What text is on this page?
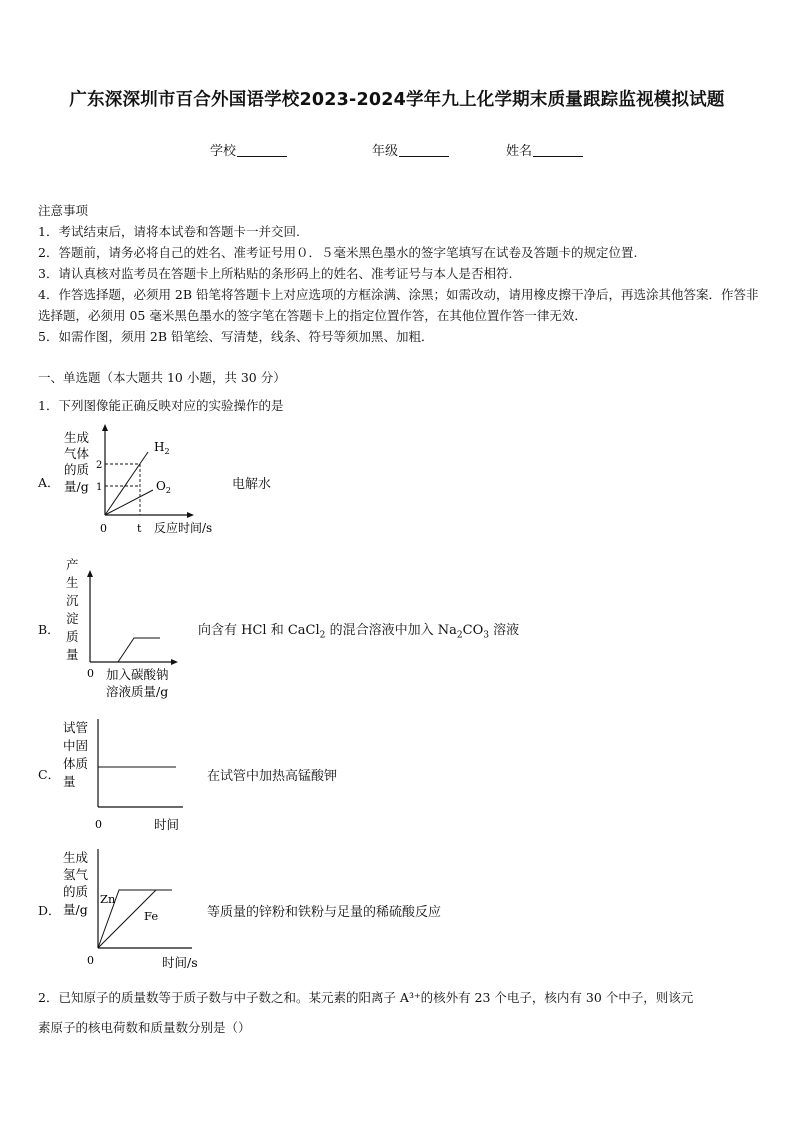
广东深深圳市百合外国语学校2023-2024学年九上化学期末质量跟踪监视模拟试题
学校	年级	姓名
注意事项
1．考试结束后，请将本试卷和答题卡一并交回.
2．答题前，请务必将自己的姓名、准考证号用０．５毫米黑色墨水的签字笔填写在试卷及答题卡的规定位置.
3．请认真核对监考员在答题卡上所粘贴的条形码上的姓名、准考证号与本人是否相符.
4．作答选择题，必须用 2B 铅笔将答题卡上对应选项的方框涂满、涂黑；如需改动，请用橡皮擦干净后，再选涂其他答案．作答非选择题，必须用 05 毫米黑色墨水的签字笔在答题卡上的指定位置作答，在其他位置作答一律无效．
5．如需作图，须用 2B 铅笔绘、写清楚，线条、符号等须加黑、加粗．
一、单选题（本大题共 10 小题，共 30 分）
1．下列图像能正确反映对应的实验操作的是
A．
生成
气体
的质
量/g
2
1
0	t 反应时间/s
$H_2$
$O_2$	电解水
B．
产
生
沉
淀
质
量
0 加入碳酸钠
溶液质量/g
向含有 HCl 和 CaCl$_2$ 的混合溶液中加入 $Na_2CO_3$ 溶液
C．
试管
中固
体质
量
0	时间
在试管中加热高锰酸钾
D．
生成
氢气
的质
量/g
Zn
Fe
0	时间/s
等质量的锌粉和铁粉与足量的稀硫酸反应
2．已知原子的质量数等于质子数与中子数之和。某元素的阳离子 A³⁺的核外有 23 个电子，核内有 30 个中子，则该元
素原子的核电荷数和质量数分别是（）
